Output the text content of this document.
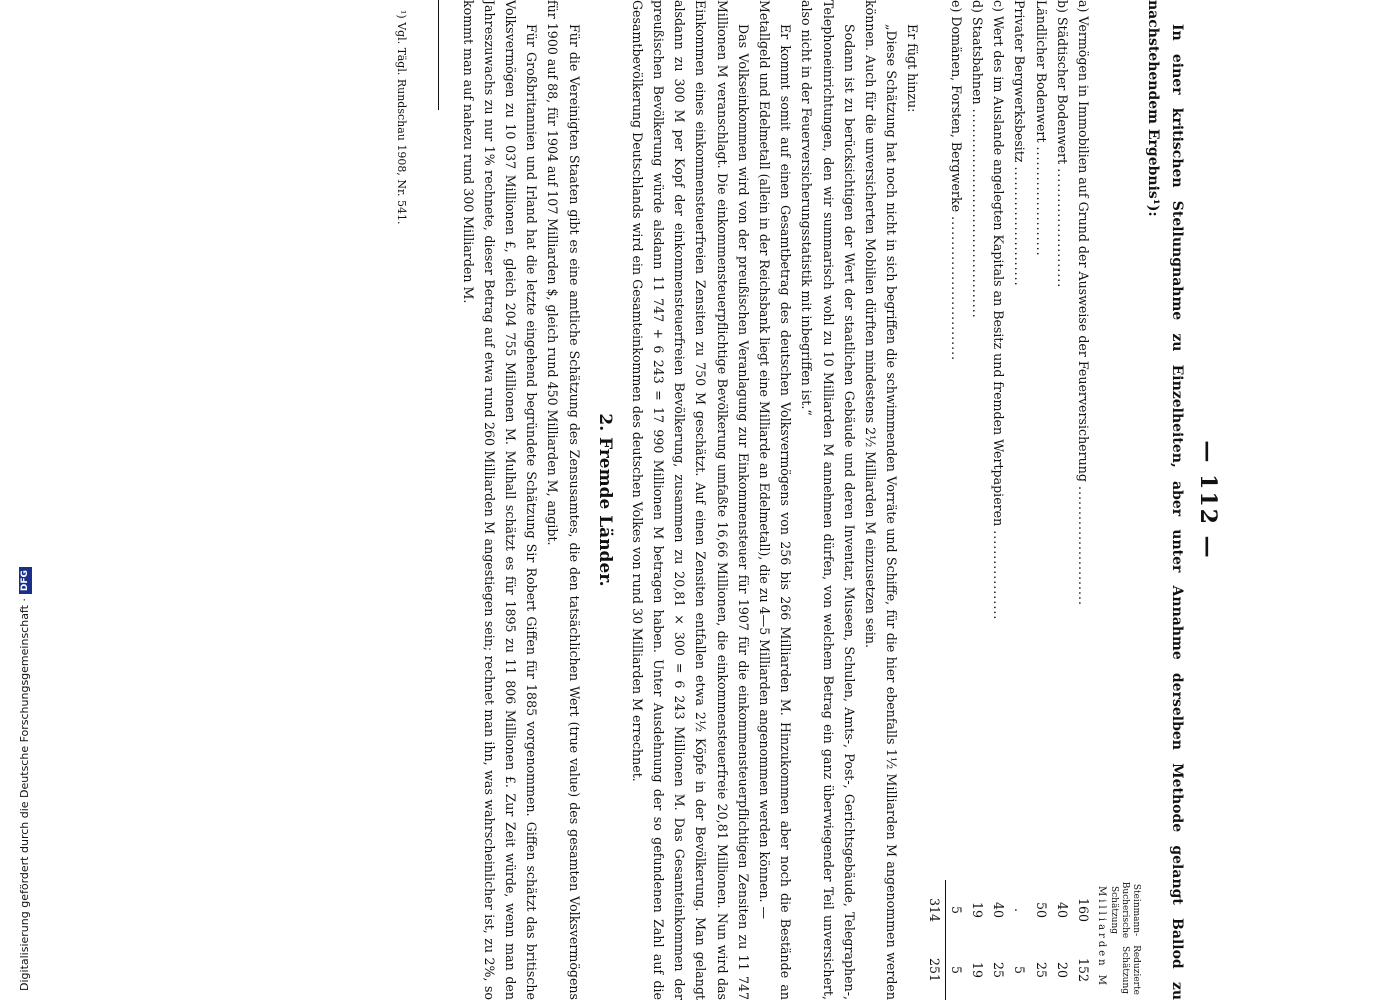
— 112 —

In einer kritischen Stellungnahme zu Einzelheiten, aber unter Annahme derselben Methode gelangt Ballod zu nachstehendem Ergebnis¹):

Steinmann-Bucherische Schätzung
Reduzierte Schätzung
Milliarden M
a) Vermögen in Immobilien auf Grund der Ausweise der Feuerversicherung ........................	160	152
b) Städtischer Bodenwert ........................	40	20
Ländlicher Bodenwert ......................	50	25
Privater Bergwerksbesitz ........................	.	5
c) Wert des im Auslande angelegten Kapitals an Besitz und fremden Wertpapieren ..................	40	25
d) Staatsbahnen ..........................................	19	19
e) Domänen, Forsten, Bergwerke .............................	5	5
	314	251

Er fügt hinzu:

„Diese Schätzung hat noch nicht in sich begriffen die schwimmenden Vorräte und Schiffe, für die hier ebenfalls 1½ Milliarden M angenommen werden können. Auch für die unversicherten Mobilien dürften mindestens 2½ Milliarden M einzusetzen sein.

Sodann ist zu berücksichtigen der Wert der staatlichen Gebäude und deren Inventar, Museen, Schulen, Amts-, Post-, Gerichtsgebäude, Telegraphen-, Telephoneinrichtungen, den wir summarisch wohl zu 10 Milliarden M annehmen dürfen, von welchem Betrag ein ganz überwiegender Teil unversichert, also nicht in der Feuerversicherungsstatistik mit inbegriffen ist.“

Er kommt somit auf einen Gesamtbetrag des deutschen Volksvermögens von 256 bis 266 Milliarden M. Hinzukommen aber noch die Bestände an Metallgeld und Edelmetall (allein in der Reichsbank liegt eine Milliarde an Edelmetall), die zu 4—5 Milliarden angenommen werden können. —

Das Volkseinkommen wird von der preußischen Veranlagung zur Einkommensteuer für 1907 für die einkommensteuerpflichtigen Zensiten zu 11 747 Millionen M veranschlagt. Die einkommensteuerpflichtige Bevölkerung umfaßte 16,66 Millionen, die einkommensteuerfreie 20,81 Millionen. Nun wird das Einkommen eines einkommensteuerfreien Zensiten zu 750 M geschätzt. Auf einen Zensiten entfallen etwa 2½ Köpfe in der Bevölkerung. Man gelangt alsdann zu 300 M per Kopf der einkommensteuerfreien Bevölkerung, zusammen zu 20,81 × 300 = 6 243 Millionen M. Das Gesamteinkommen der preußischen Bevölkerung würde alsdann 11 747 + 6 243 = 17 990 Millionen M betragen haben. Unter Ausdehnung der so gefundenen Zahl auf die Gesamtbevölkerung Deutschlands wird ein Gesamteinkommen des deutschen Volkes von rund 30 Milliarden M errechnet.

2. Fremde Länder.

Für die Vereinigten Staaten gibt es eine amtliche Schätzung des Zensusamtes, die den tatsächlichen Wert (true value) des gesamten Volksvermögens für 1900 auf 88, für 1904 auf 107 Milliarden $, gleich rund 450 Milliarden M, angibt.

Für Großbritannien und Irland hat die letzte eingehend begründete Schätzung Sir Robert Giffen für 1885 vorgenommen. Giffen schätzt das britische Volksvermögen zu 10 037 Millionen £, gleich 204 755 Millionen M. Mulhall schätzt es für 1895 zu 11 806 Millionen £. Zur Zeit würde, wenn man den Jahreszuwachs zu nur 1% rechnete, dieser Betrag auf etwa rund 260 Milliarden M angestiegen sein; rechnet man ihn, was wahrscheinlicher ist, zu 2%, so kommt man auf nahezu rund 300 Milliarden M.

¹) Vgl. Tägl. Rundschau 1908, Nr. 541.
Digitalisierung gefördert durch die Deutsche Forschungsgemeinschaft ·
DFG
